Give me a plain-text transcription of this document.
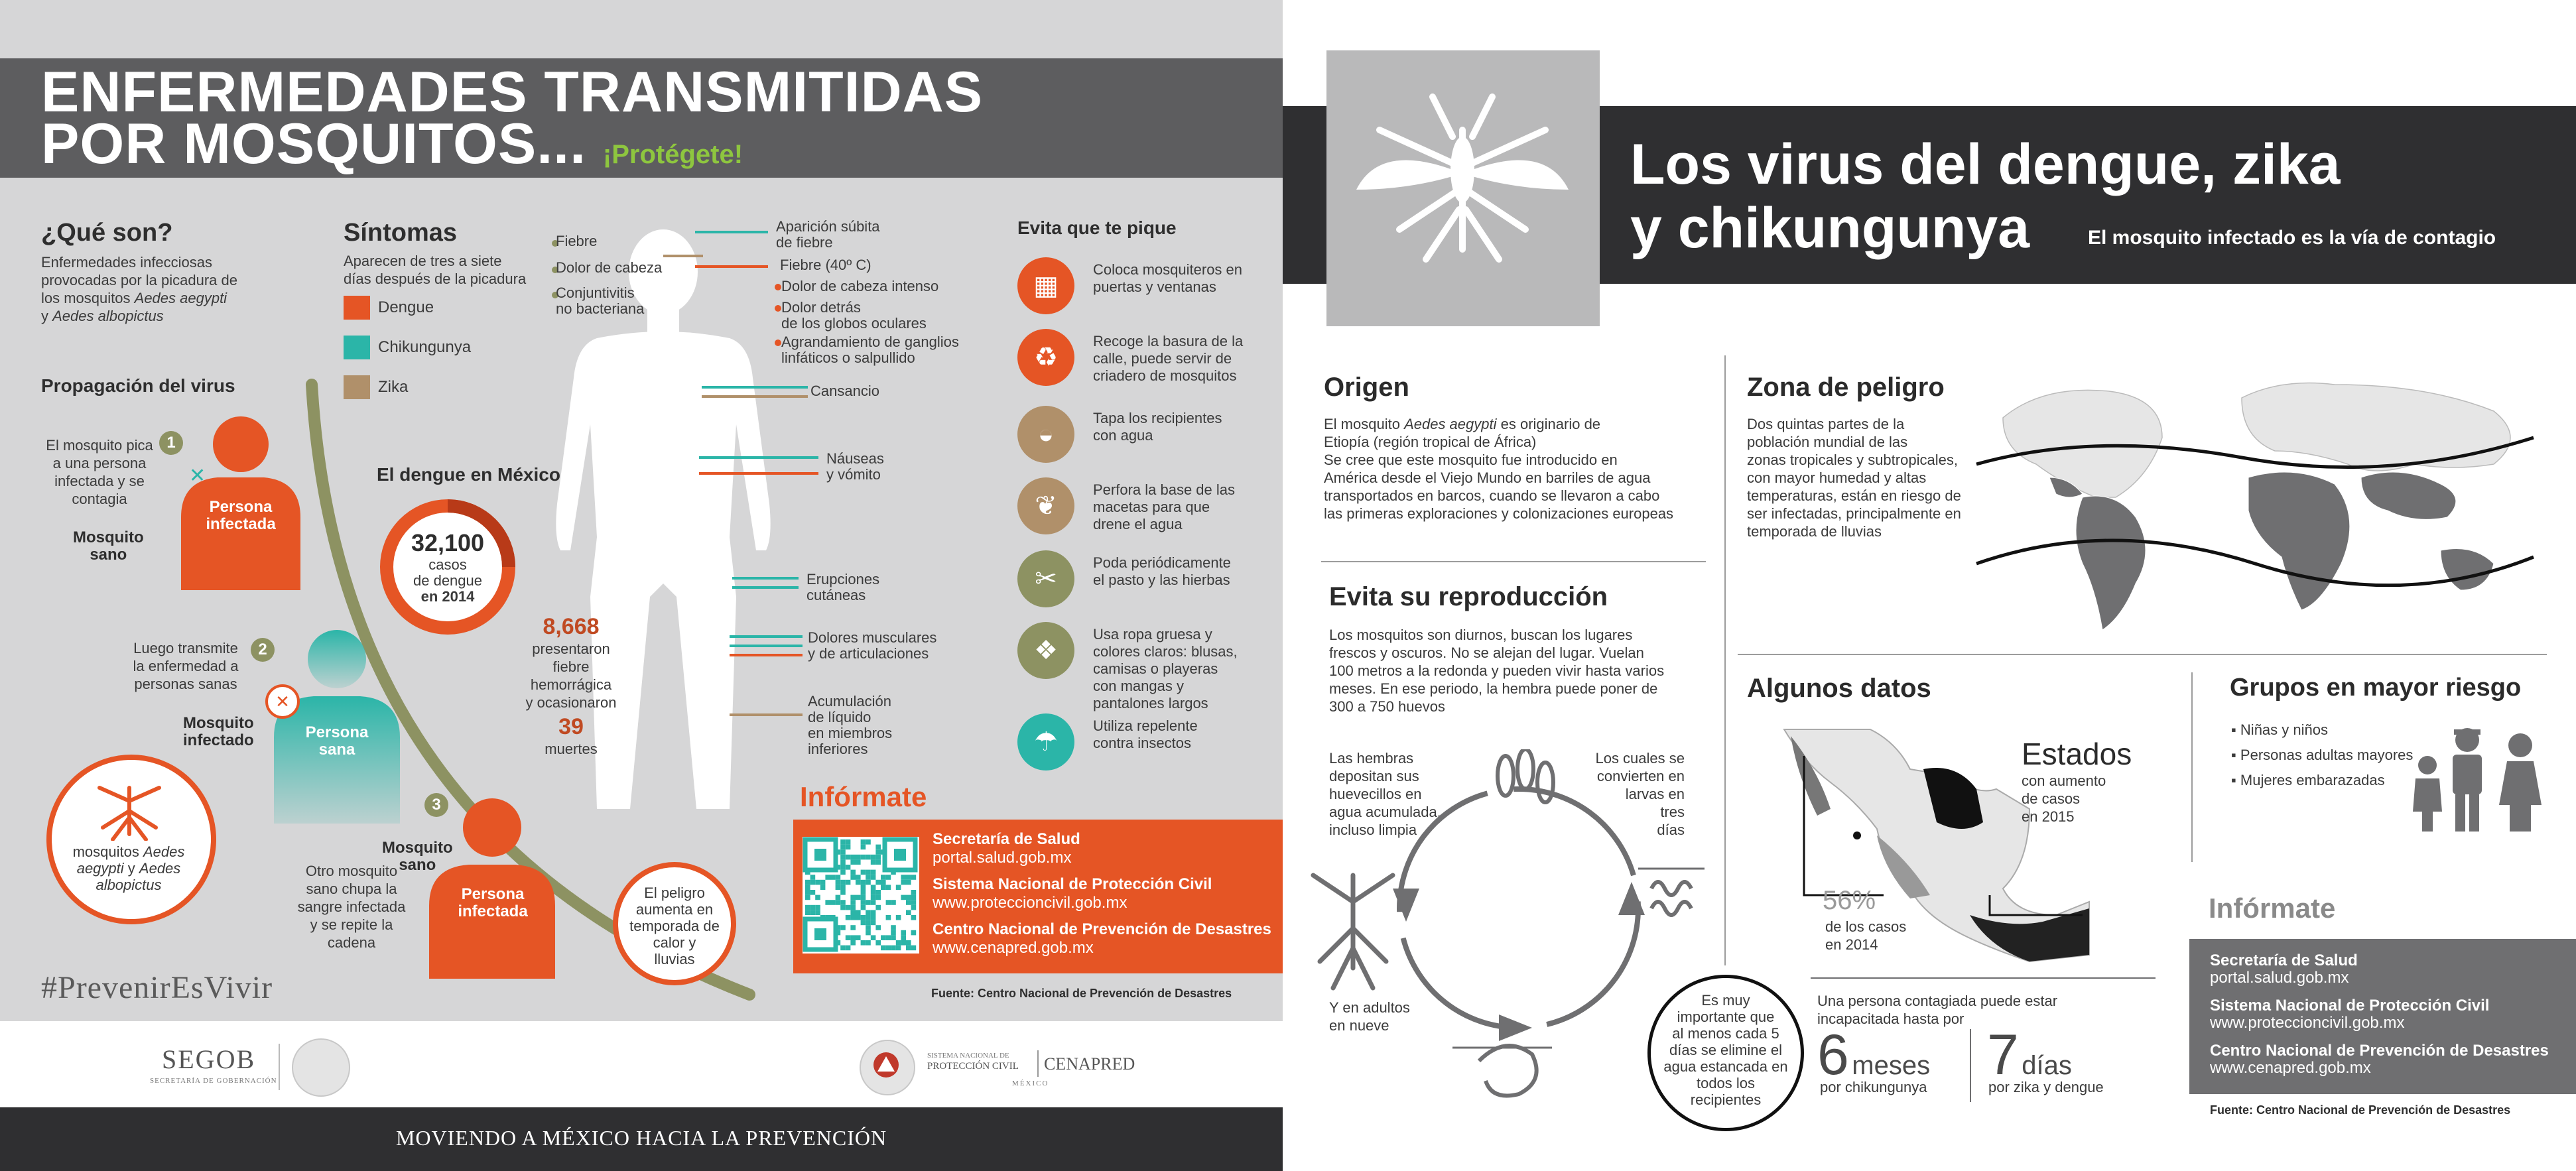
ENFERMEDADES TRANSMITIDAS
POR MOSQUITOS... ¡Protégete!
¿Qué son?
Enfermedades infecciosas
provocadas por la picadura de
los mosquitos Aedes aegypti
y Aedes albopictus
Propagación del virus
1
El mosquito pica
a una persona
infectada y se
contagia
Mosquito
sano
Persona
infectada
✕
2
Luego transmite
la enfermedad a
personas sanas
Mosquito
infectado	Persona
sana
✕
mosquitos Aedes
aegypti y Aedes
albopictus
3
Mosquito
sano
Otro mosquito
sano chupa la
sangre infectada
y se repite la
cadena
Persona
infectada
Síntomas
Aparecen de tres a siete
días después de la picadura
Dengue
Chikungunya
Zika
Fiebre
Dolor de cabeza
Conjuntivitis
no bacteriana
Aparición súbita
de fiebre
Fiebre (40º C)
Dolor de cabeza intenso
Dolor detrás
de los globos oculares
Agrandamiento de ganglios
linfáticos o salpullido
Cansancio
Náuseas
y vómito
Erupciones
cutáneas
Dolores musculares
y de articulaciones
Acumulación
de líquido
en miembros
inferiores
El dengue en México
32,100
casos
de dengue
en 2014
8,668
presentaron
fiebre
hemorrágica
y ocasionaron
39
muertes
Evita que te pique
▦
Coloca mosquiteros en
puertas y ventanas
♻
Recoge la basura de la
calle, puede servir de
criadero de mosquitos
◒
Tapa los recipientes
con agua
❦
Perfora la base de las
macetas para que
drene el agua
✂
Poda periódicamente
el pasto y las hierbas
❖
Usa ropa gruesa y
colores claros: blusas,
camisas o playeras
con mangas y
pantalones largos
☂
Utiliza repelente
contra insectos
El peligro
aumenta en
temporada de
calor y
lluvias
Infórmate
Secretaría de Salud
portal.salud.gob.mx
Sistema Nacional de Protección Civil
www.proteccioncivil.gob.mx
Centro Nacional de Prevención de Desastres
www.cenapred.gob.mx
Fuente: Centro Nacional de Prevención de Desastres
#PrevenirEsVivir
SEGOB
SECRETARÍA DE GOBERNACIÓN
SISTEMA NACIONAL DE
PROTECCIÓN CIVIL
MÉXICO
CENAPRED
MOVIENDO A MÉXICO HACIA LA PREVENCIÓN
Los virus del dengue, zika
y chikungunya	El mosquito infectado es la vía de contagio
Origen
El mosquito Aedes aegypti es originario de
Etiopía (región tropical de África)
Se cree que este mosquito fue introducido en
América desde el Viejo Mundo en barriles de agua
transportados en barcos, cuando se llevaron a cabo
las primeras exploraciones y colonizaciones europeas
Zona de peligro
Dos quintas partes de la
población mundial de las
zonas tropicales y subtropicales,
con mayor humedad y altas
temperaturas, están en riesgo de
ser infectadas, principalmente en
temporada de lluvias
Evita su reproducción
Los mosquitos son diurnos, buscan los lugares
frescos y oscuros. No se alejan del lugar. Vuelan
100 metros a la redonda y pueden vivir hasta varios
meses. En ese periodo, la hembra puede poner de
300 a 750 huevos
Las hembras
depositan sus
huevecillos en
agua acumulada,
incluso limpia
Los cuales se
convierten en
larvas en
tres
días
Y en adultos
en nueve
Es muy
importante que
al menos cada 5
días se elimine el
agua estancada en
todos los
recipientes
Algunos datos
Estados
con aumento
de casos
en 2015
56%
de los casos
en 2014
Una persona contagiada puede estar
incapacitada hasta por
6 meses
por chikungunya
7 días
por zika y dengue
Grupos en mayor riesgo
▪ Niñas y niños
▪ Personas adultas mayores
▪ Mujeres embarazadas
Infórmate
Secretaría de Salud
portal.salud.gob.mx
Sistema Nacional de Protección Civil
www.proteccioncivil.gob.mx
Centro Nacional de Prevención de Desastres
www.cenapred.gob.mx
Fuente: Centro Nacional de Prevención de Desastres
